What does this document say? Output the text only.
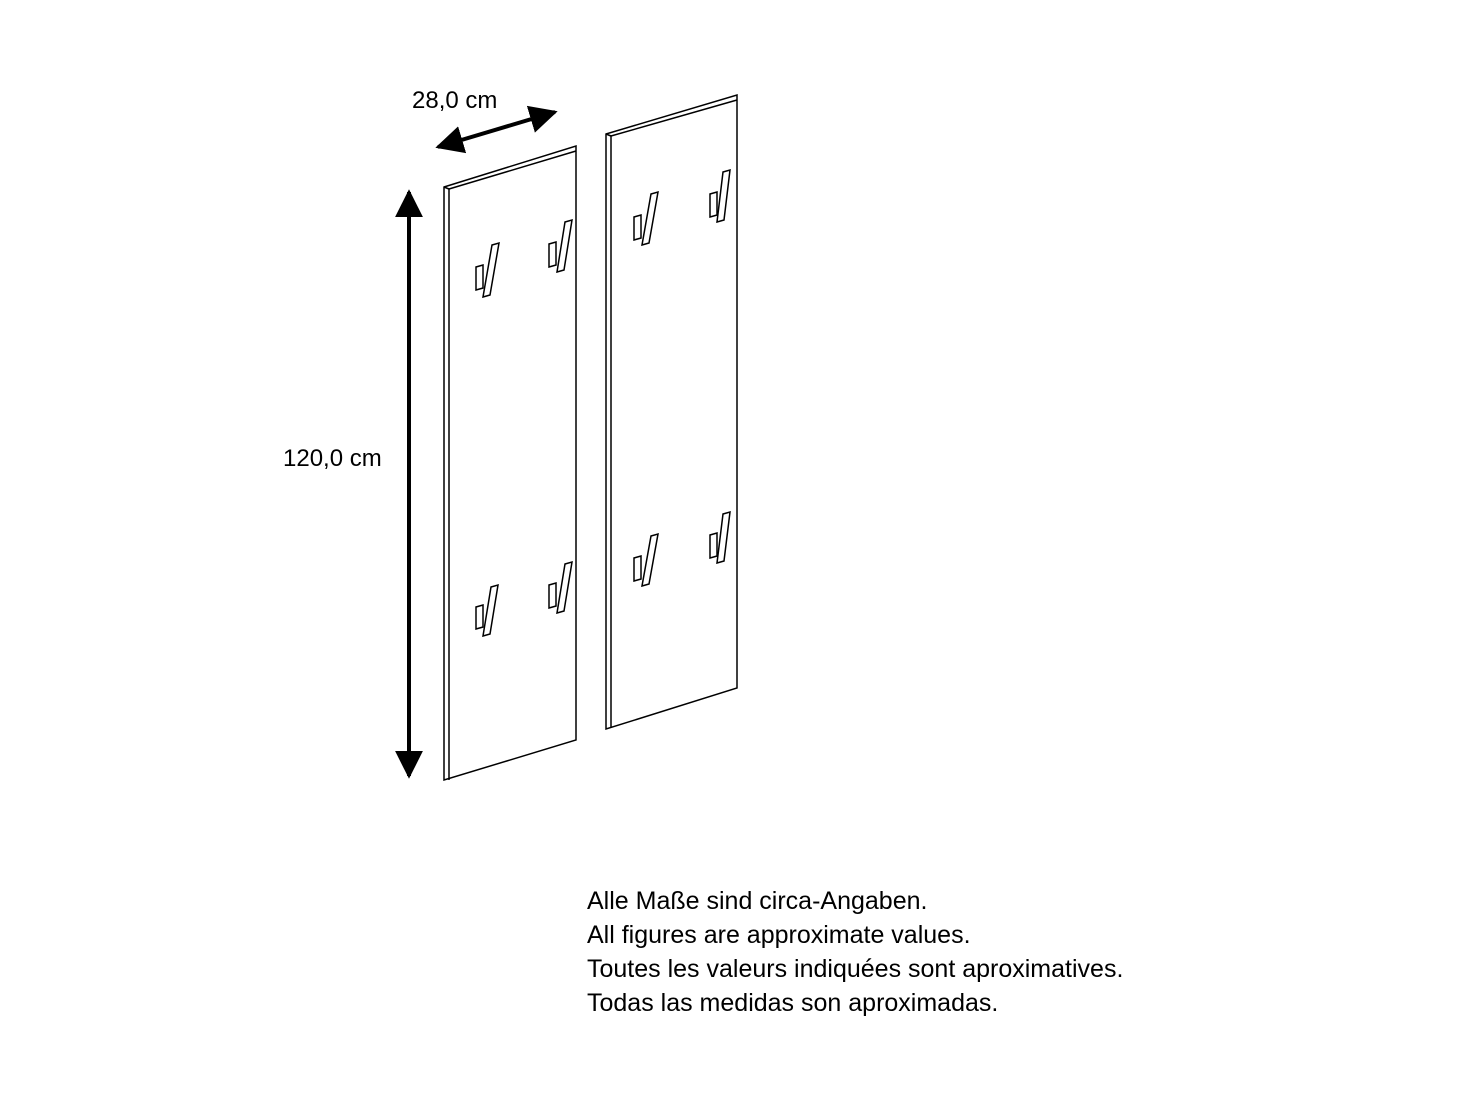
28,0 cm
120,0 cm
Alle Maße sind circa-Angaben.
All figures are approximate values.
Toutes les valeurs indiquées sont aproximatives.
Todas las medidas son aproximadas.
